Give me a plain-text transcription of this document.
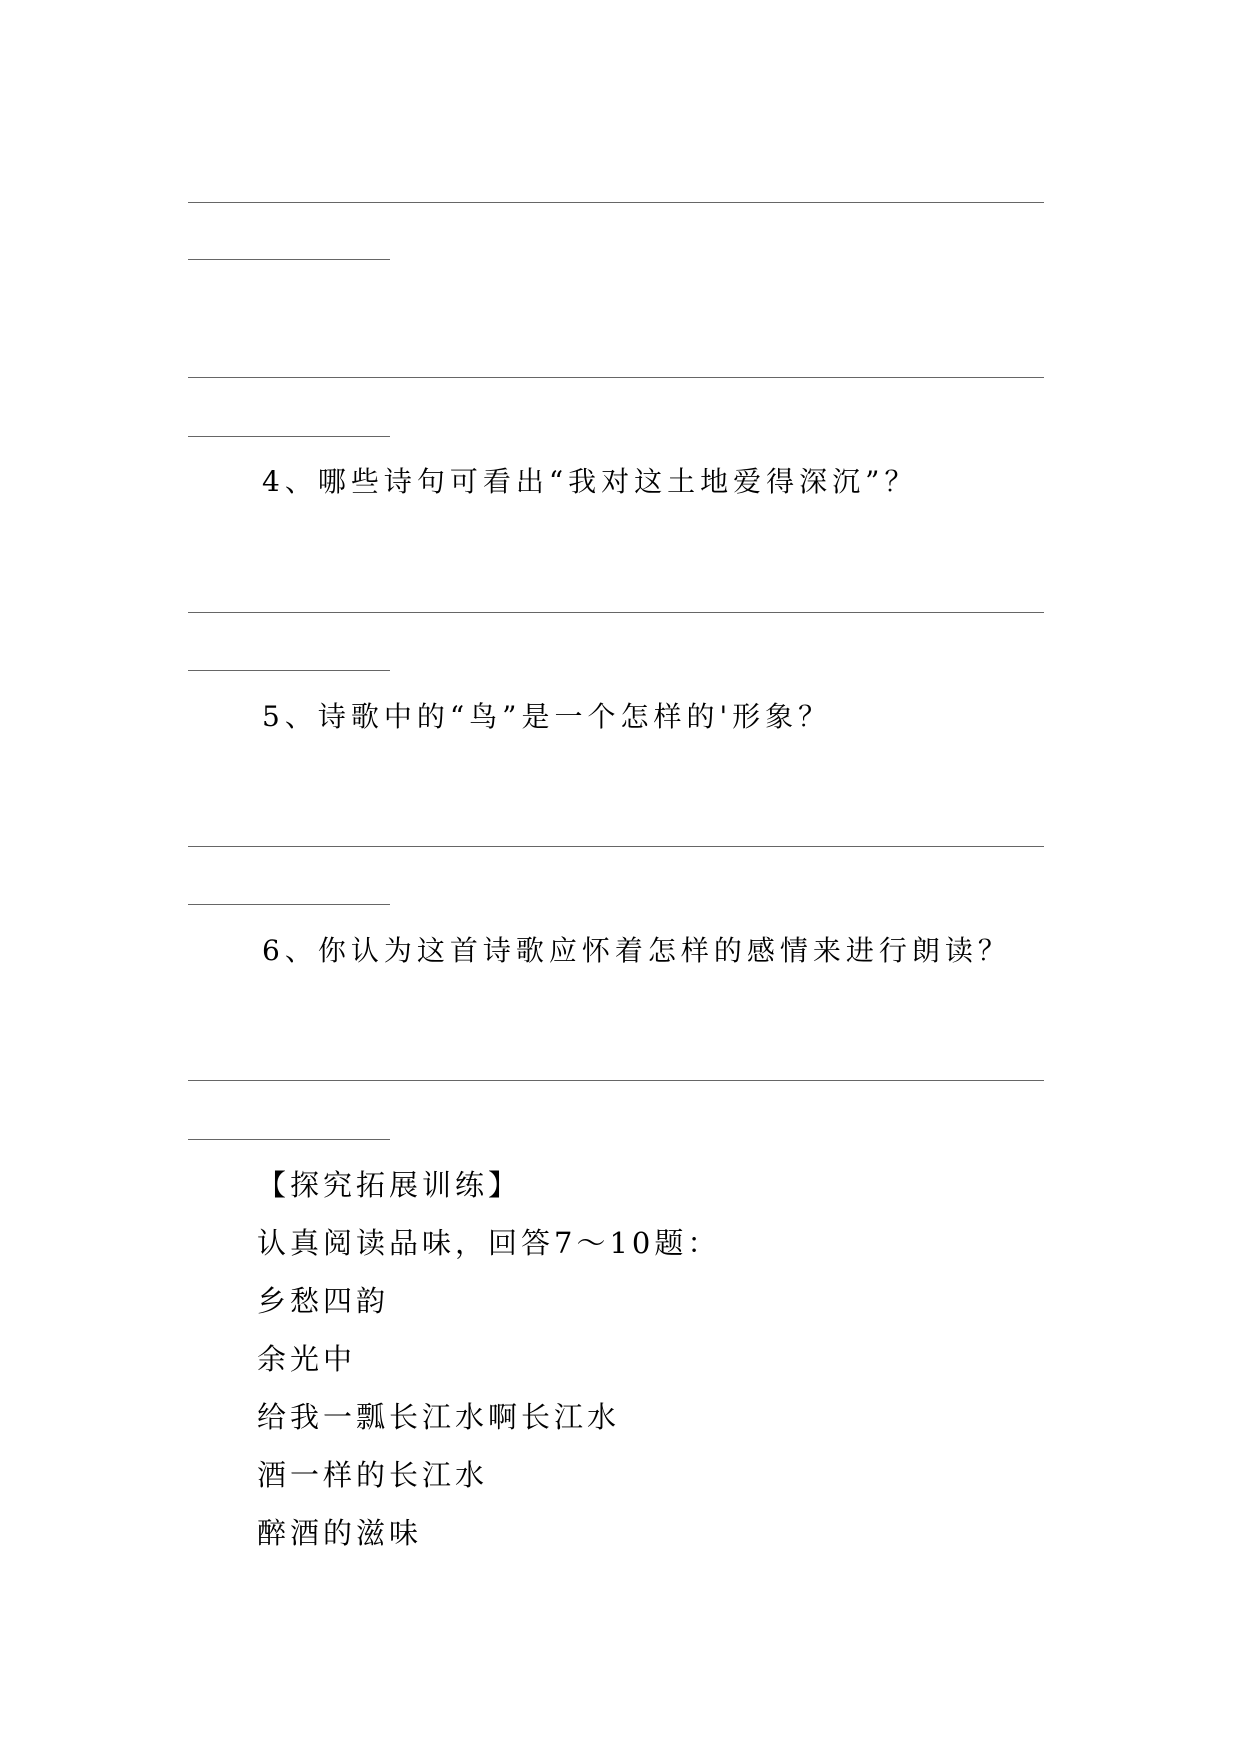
4、哪些诗句可看出“我对这土地爱得深沉”？
5、诗歌中的“鸟”是一个怎样的'形象？
6、你认为这首诗歌应怀着怎样的感情来进行朗读？
【探究拓展训练】
认真阅读品味，回答7～10题：
乡愁四韵
余光中
给我一瓢长江水啊长江水
酒一样的长江水
醉酒的滋味
